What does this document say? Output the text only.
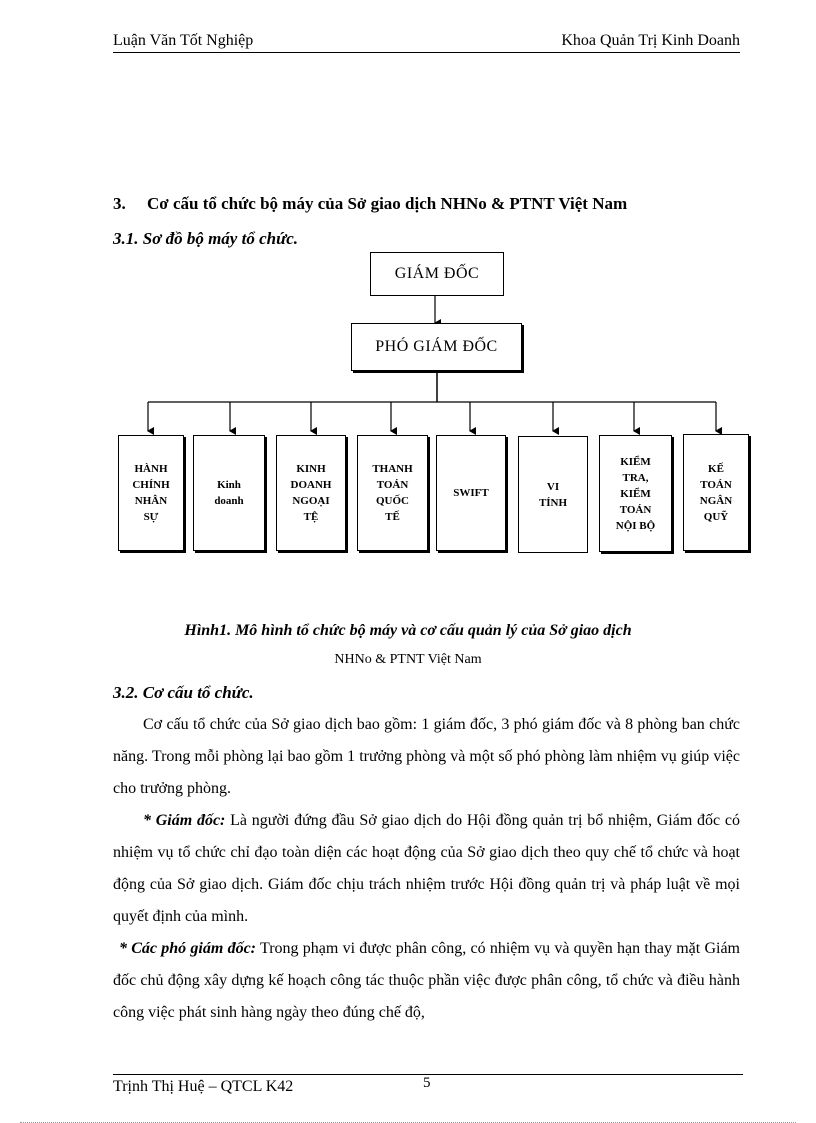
Luận Văn Tốt Nghiệp	Khoa Quản Trị Kinh Doanh
3. Cơ cấu tổ chức bộ máy của Sở giao dịch NHNo & PTNT Việt Nam
3.1. Sơ đồ bộ máy tổ chức.
GIÁM ĐỐC
PHÓ GIÁM ĐỐC
HÀNH
CHÍNH
NHÂN
SỰ
Kinh
doanh
KINH
DOANH
NGOẠI
TỆ
THANH
TOÁN
QUỐC
TẾ
SWIFT
VI
TÍNH
KIỂM
TRA,
KIỂM
TOÁN
NỘI BỘ
KẾ
TOÁN
NGÂN
QUỸ
Hình1. Mô hình tổ chức bộ máy và cơ cấu quản lý của Sở giao dịch
NHNo & PTNT Việt Nam
3.2. Cơ cấu tổ chức.
Cơ cấu tổ chức của Sở giao dịch bao gồm: 1 giám đốc, 3 phó giám đốc và 8 phòng ban chức năng. Trong mỗi phòng lại bao gồm 1 trưởng phòng và một số phó phòng làm nhiệm vụ giúp việc cho trưởng phòng.
* Giám đốc: Là người đứng đầu Sở giao dịch do Hội đồng quản trị bổ nhiệm, Giám đốc có nhiệm vụ tổ chức chỉ đạo toàn diện các hoạt động của Sở giao dịch theo quy chế tổ chức và hoạt động của Sở giao dịch. Giám đốc chịu trách nhiệm trước Hội đồng quản trị và pháp luật về mọi quyết định của mình.
* Các phó giám đốc: Trong phạm vi được phân công, có nhiệm vụ và quyền hạn thay mặt Giám đốc chủ động xây dựng kế hoạch công tác thuộc phần việc được phân công, tổ chức và điều hành công việc phát sinh hàng ngày theo đúng chế độ,
Trịnh Thị Huệ – QTCL K42	5
